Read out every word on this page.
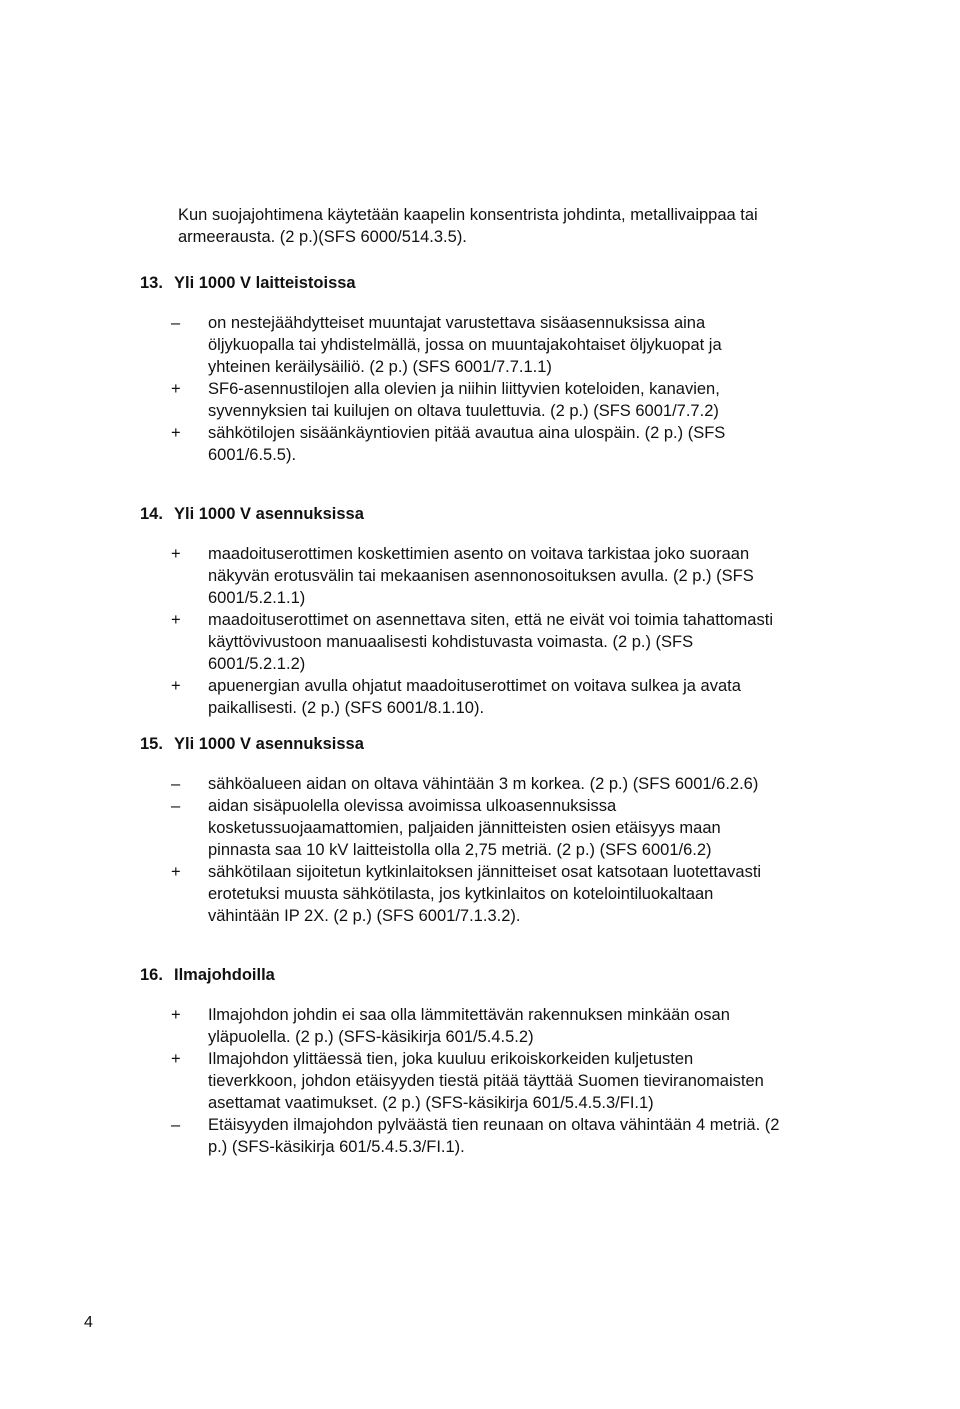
Kun suojajohtimena käytetään kaapelin konsentrista johdinta, metallivaippaa tai armeerausta. (2 p.)(SFS 6000/514.3.5).
13. Yli 1000 V laitteistoissa
–	on nestejäähdytteiset muuntajat varustettava sisäasennuksissa aina öljykuopalla tai yhdistelmällä, jossa on muuntajakohtaiset öljykuopat ja yhteinen keräilysäiliö. (2 p.) (SFS 6001/7.7.1.1)
+	SF6-asennustilojen alla olevien ja niihin liittyvien koteloiden, kanavien, syvennyksien tai kuilujen on oltava tuulettuvia. (2 p.) (SFS 6001/7.7.2)
+	sähkötilojen sisäänkäyntiovien pitää avautua aina ulospäin. (2 p.) (SFS 6001/6.5.5).
14. Yli 1000 V asennuksissa
+	maadoituserottimen koskettimien asento on voitava tarkistaa joko suoraan näkyvän erotusvälin tai mekaanisen asennonosoituksen avulla. (2 p.) (SFS 6001/5.2.1.1)
+	maadoituserottimet on asennettava siten, että ne eivät voi toimia tahattomasti käyttövivustoon manuaalisesti kohdistuvasta voimasta. (2 p.) (SFS 6001/5.2.1.2)
+	apuenergian avulla ohjatut maadoituserottimet on voitava sulkea ja avata paikallisesti. (2 p.) (SFS 6001/8.1.10).
15. Yli 1000 V asennuksissa
–	sähköalueen aidan on oltava vähintään 3 m korkea. (2 p.) (SFS 6001/6.2.6)
–	aidan sisäpuolella olevissa avoimissa ulkoasennuksissa kosketussuojaamattomien, paljaiden jännitteisten osien etäisyys maan pinnasta saa 10 kV laitteistolla olla 2,75 metriä. (2 p.) (SFS 6001/6.2)
+	sähkötilaan sijoitetun kytkinlaitoksen jännitteiset osat katsotaan luotettavasti erotetuksi muusta sähkötilasta, jos kytkinlaitos on kotelointiluokaltaan vähintään IP 2X. (2 p.) (SFS 6001/7.1.3.2).
16. Ilmajohdoilla
+	Ilmajohdon johdin ei saa olla lämmitettävän rakennuksen minkään osan yläpuolella. (2 p.) (SFS-käsikirja 601/5.4.5.2)
+	Ilmajohdon ylittäessä tien, joka kuuluu erikoiskorkeiden kuljetusten tieverkkoon, johdon etäisyyden tiestä pitää täyttää Suomen tieviranomaisten asettamat vaatimukset. (2 p.) (SFS-käsikirja 601/5.4.5.3/FI.1)
–	Etäisyyden ilmajohdon pylväästä tien reunaan on oltava vähintään 4 metriä. (2 p.) (SFS-käsikirja 601/5.4.5.3/FI.1).
4
